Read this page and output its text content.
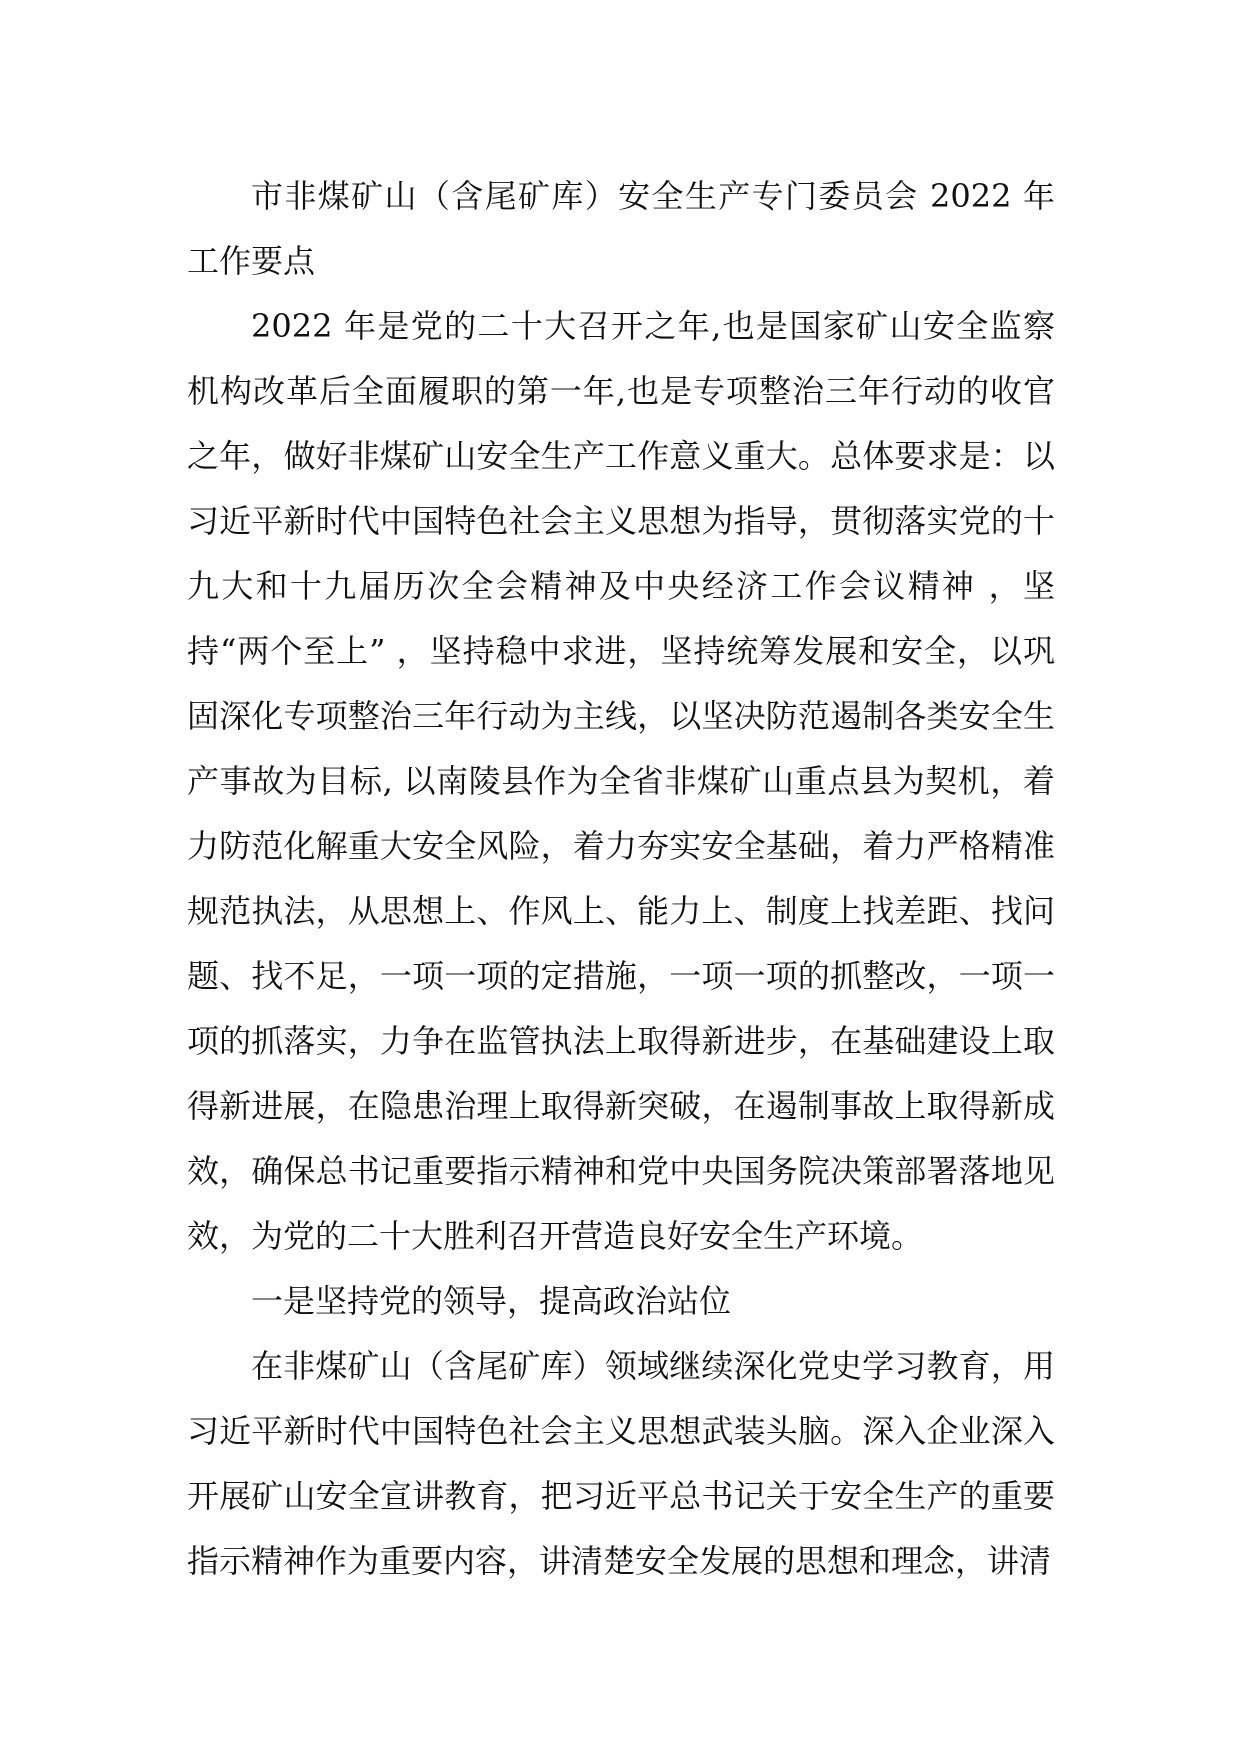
市非煤矿山（含尾矿库）安全生产专门委员会 2022 年工作要点

2022 年是党的二十大召开之年,也是国家矿山安全监察机构改革后全面履职的第一年,也是专项整治三年行动的收官之年，做好非煤矿山安全生产工作意义重大。总体要求是：以习近平新时代中国特色社会主义思想为指导，贯彻落实党的十九大和十九届历次全会精神及中央经济工作会议精神 ，坚持“两个至上” ，坚持稳中求进，坚持统筹发展和安全，以巩固深化专项整治三年行动为主线，以坚决防范遏制各类安全生产事故为目标, 以南陵县作为全省非煤矿山重点县为契机，着力防范化解重大安全风险，着力夯实安全基础，着力严格精准规范执法，从思想上、作风上、能力上、制度上找差距、找问题、找不足，一项一项的定措施，一项一项的抓整改，一项一项的抓落实，力争在监管执法上取得新进步，在基础建设上取得新进展，在隐患治理上取得新突破，在遏制事故上取得新成效，确保总书记重要指示精神和党中央国务院决策部署落地见效，为党的二十大胜利召开营造良好安全生产环境。

一是坚持党的领导，提高政治站位

在非煤矿山（含尾矿库）领域继续深化党史学习教育，用习近平新时代中国特色社会主义思想武装头脑。深入企业深入开展矿山安全宣讲教育，把习近平总书记关于安全生产的重要指示精神作为重要内容，讲清楚安全发展的思想和理念，讲清
